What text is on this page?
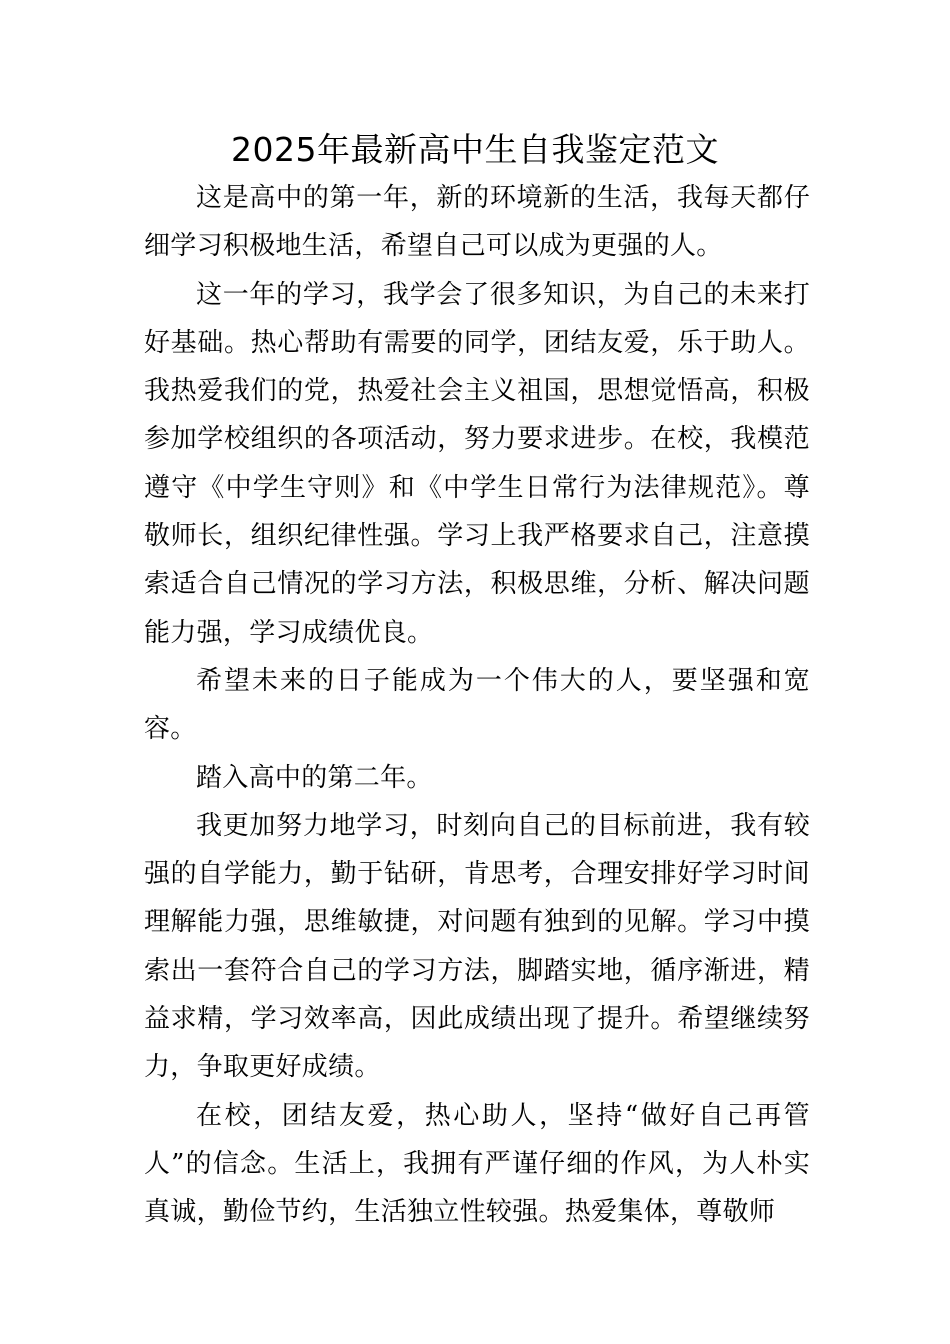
2025年最新高中生自我鉴定范文

这是高中的第一年，新的环境新的生活，我每天都仔细学习积极地生活，希望自己可以成为更强的人。

这一年的学习，我学会了很多知识，为自己的未来打好基础。热心帮助有需要的同学，团结友爱，乐于助人。我热爱我们的党，热爱社会主义祖国，思想觉悟高，积极参加学校组织的各项活动，努力要求进步。在校，我模范遵守《中学生守则》和《中学生日常行为法律规范》。尊敬师长，组织纪律性强。学习上我严格要求自己，注意摸索适合自己情况的学习方法，积极思维，分析、解决问题能力强，学习成绩优良。

希望未来的日子能成为一个伟大的人，要坚强和宽容。

踏入高中的第二年。

我更加努力地学习，时刻向自己的目标前进，我有较强的自学能力，勤于钻研，肯思考，合理安排好学习时间理解能力强，思维敏捷，对问题有独到的见解。学习中摸索出一套符合自己的学习方法，脚踏实地，循序渐进，精益求精，学习效率高，因此成绩出现了提升。希望继续努力，争取更好成绩。

在校，团结友爱，热心助人，坚持“做好自己再管人”的信念。生活上，我拥有严谨仔细的作风，为人朴实真诚，勤俭节约，生活独立性较强。热爱集体，尊敬师
